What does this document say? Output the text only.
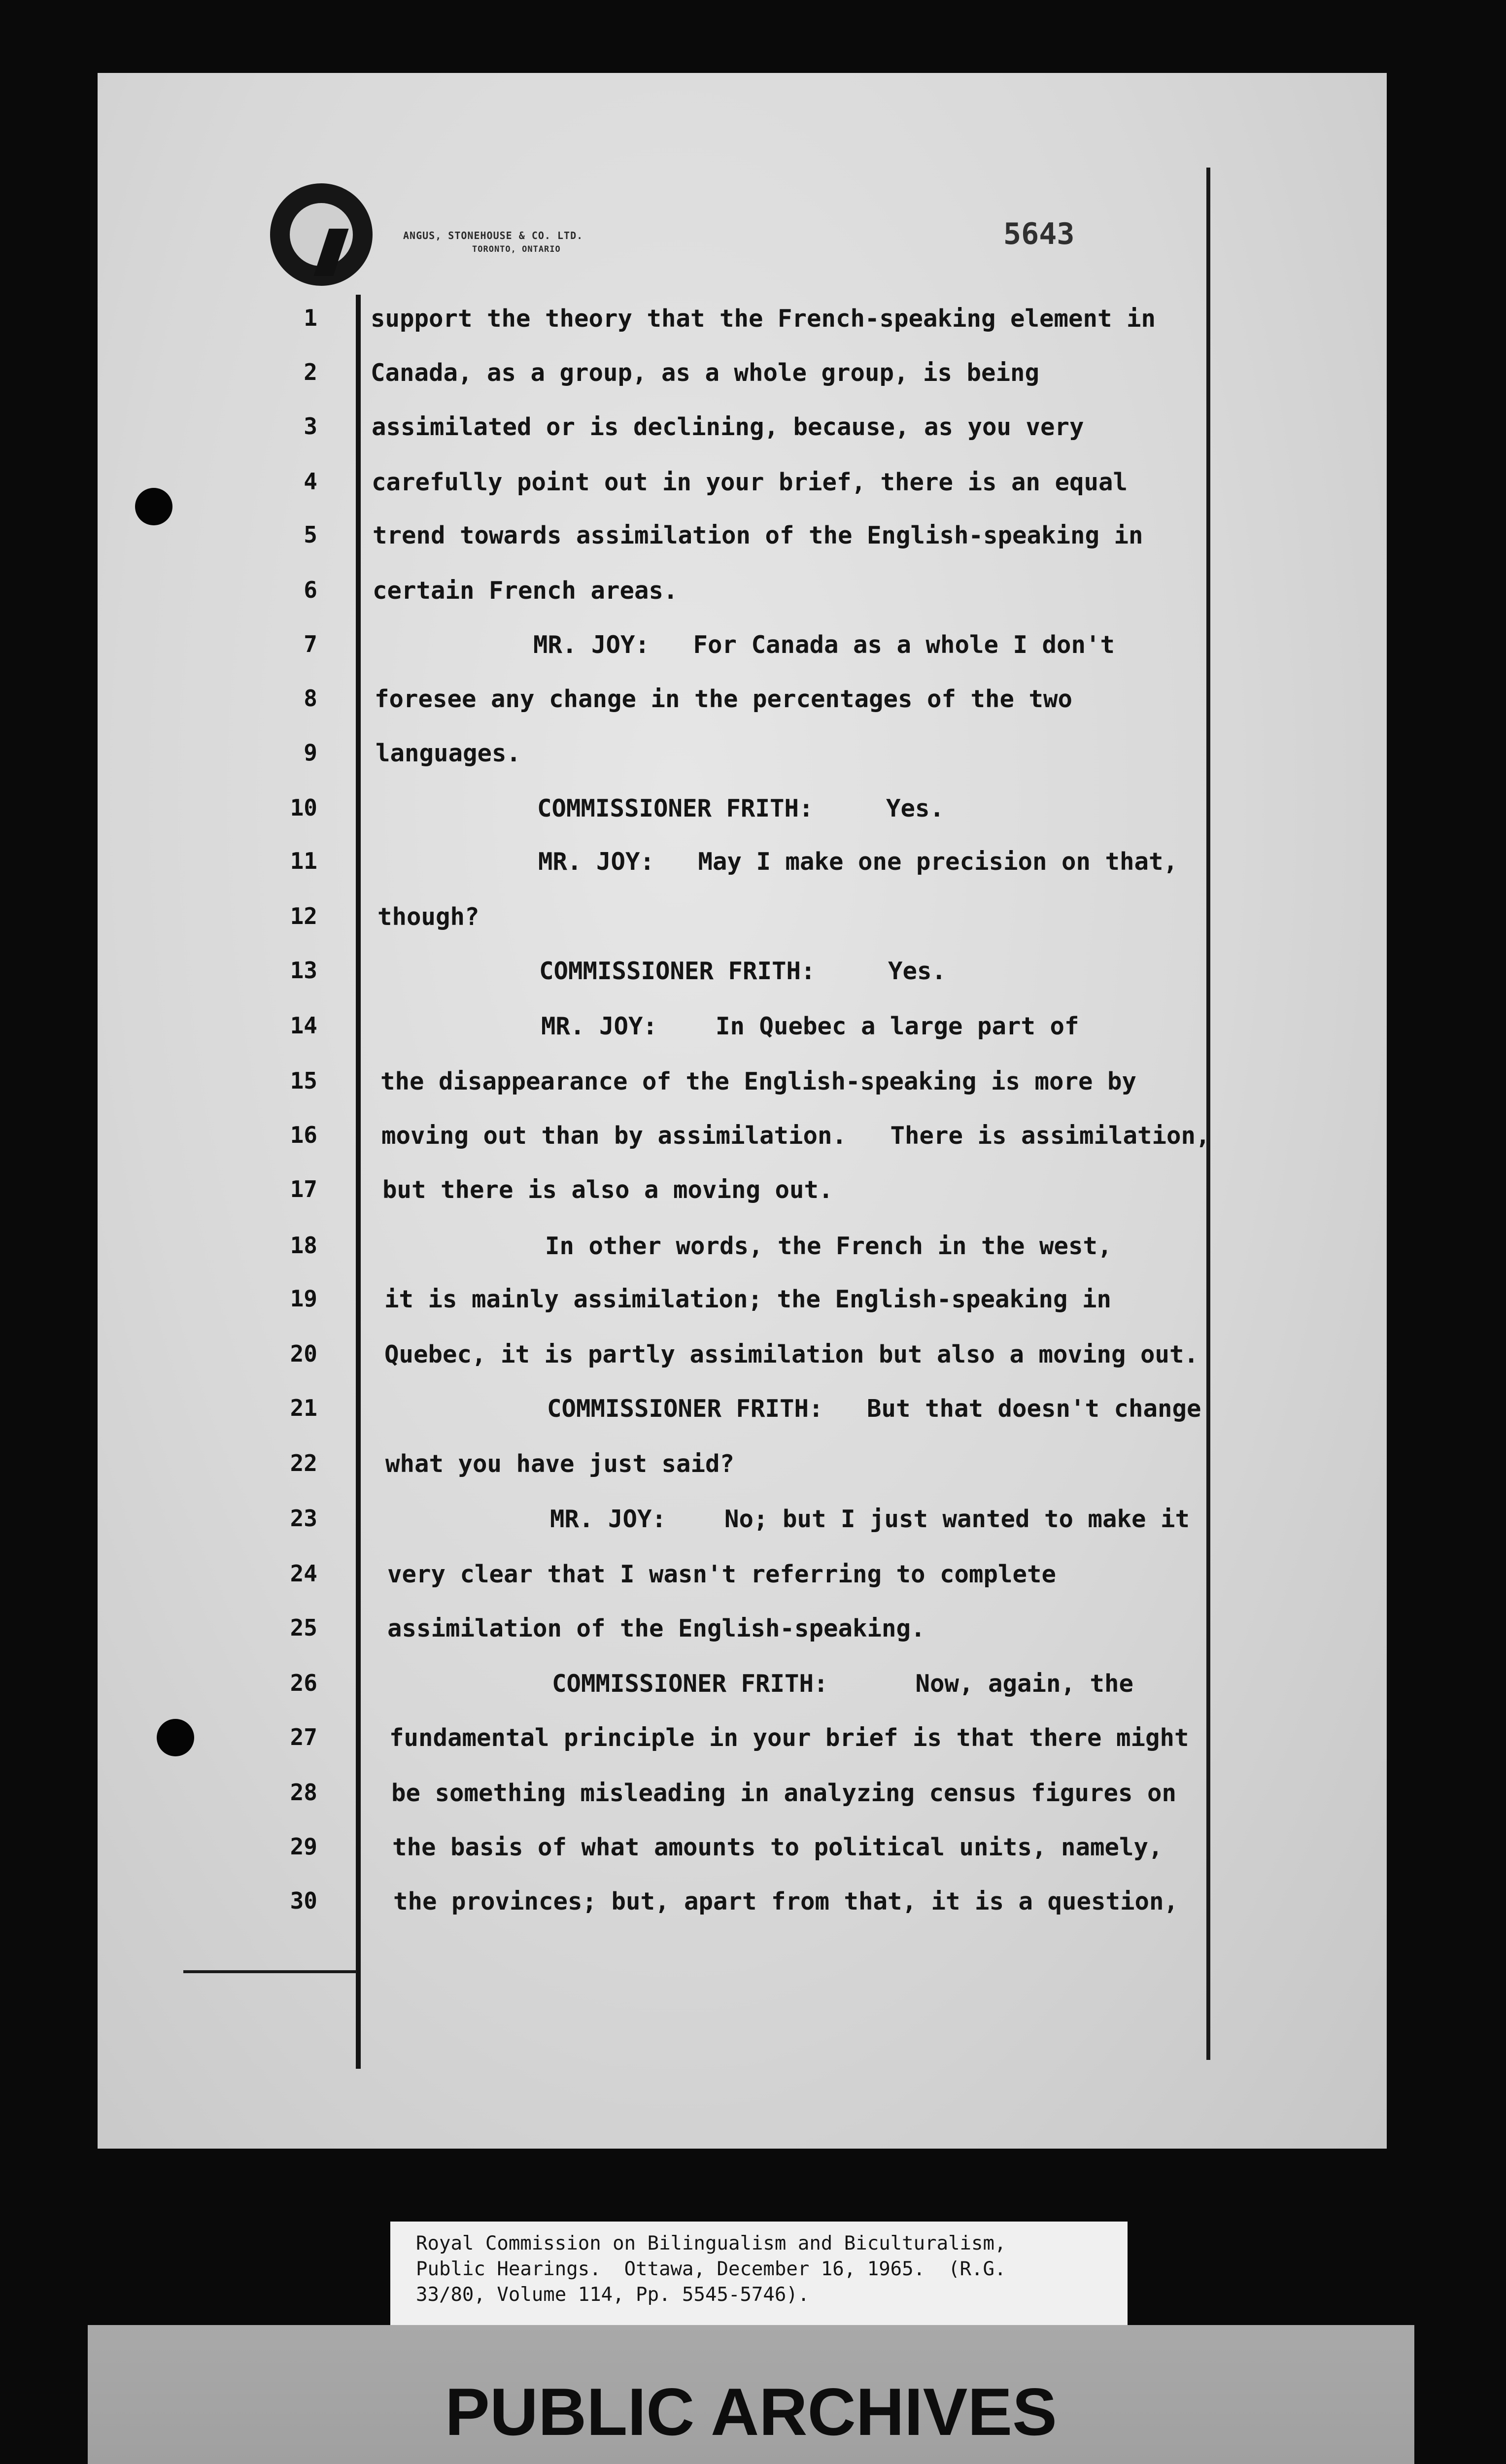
ANGUS, STONEHOUSE & CO. LTD.
TORONTO, ONTARIO	5643
1
2
3
4
5
6
7
8
9
10
11
12
13
14
15
16
17
18
19
20
21
22
23
24
25
26
27
28
29
30
support the theory that the French-speaking element in
Canada, as a group, as a whole group, is being
assimilated or is declining, because, as you very
carefully point out in your brief, there is an equal
trend towards assimilation of the English-speaking in
certain French areas.
MR. JOY:   For Canada as a whole I don't
foresee any change in the percentages of the two
languages.
COMMISSIONER FRITH:     Yes.
MR. JOY:   May I make one precision on that,
though?
COMMISSIONER FRITH:     Yes.
MR. JOY:    In Quebec a large part of
the disappearance of the English-speaking is more by
moving out than by assimilation.   There is assimilation,
but there is also a moving out.
In other words, the French in the west,
it is mainly assimilation; the English-speaking in
Quebec, it is partly assimilation but also a moving out.
COMMISSIONER FRITH:   But that doesn't change
what you have just said?
MR. JOY:    No; but I just wanted to make it
very clear that I wasn't referring to complete
assimilation of the English-speaking.
COMMISSIONER FRITH:      Now, again, the
fundamental principle in your brief is that there might
be something misleading in analyzing census figures on
the basis of what amounts to political units, namely,
the provinces; but, apart from that, it is a question,
Royal Commission on Bilingualism and Biculturalism,
Public Hearings.  Ottawa, December 16, 1965.  (R.G.
33/80, Volume 114, Pp. 5545-5746).
PUBLIC ARCHIVES
